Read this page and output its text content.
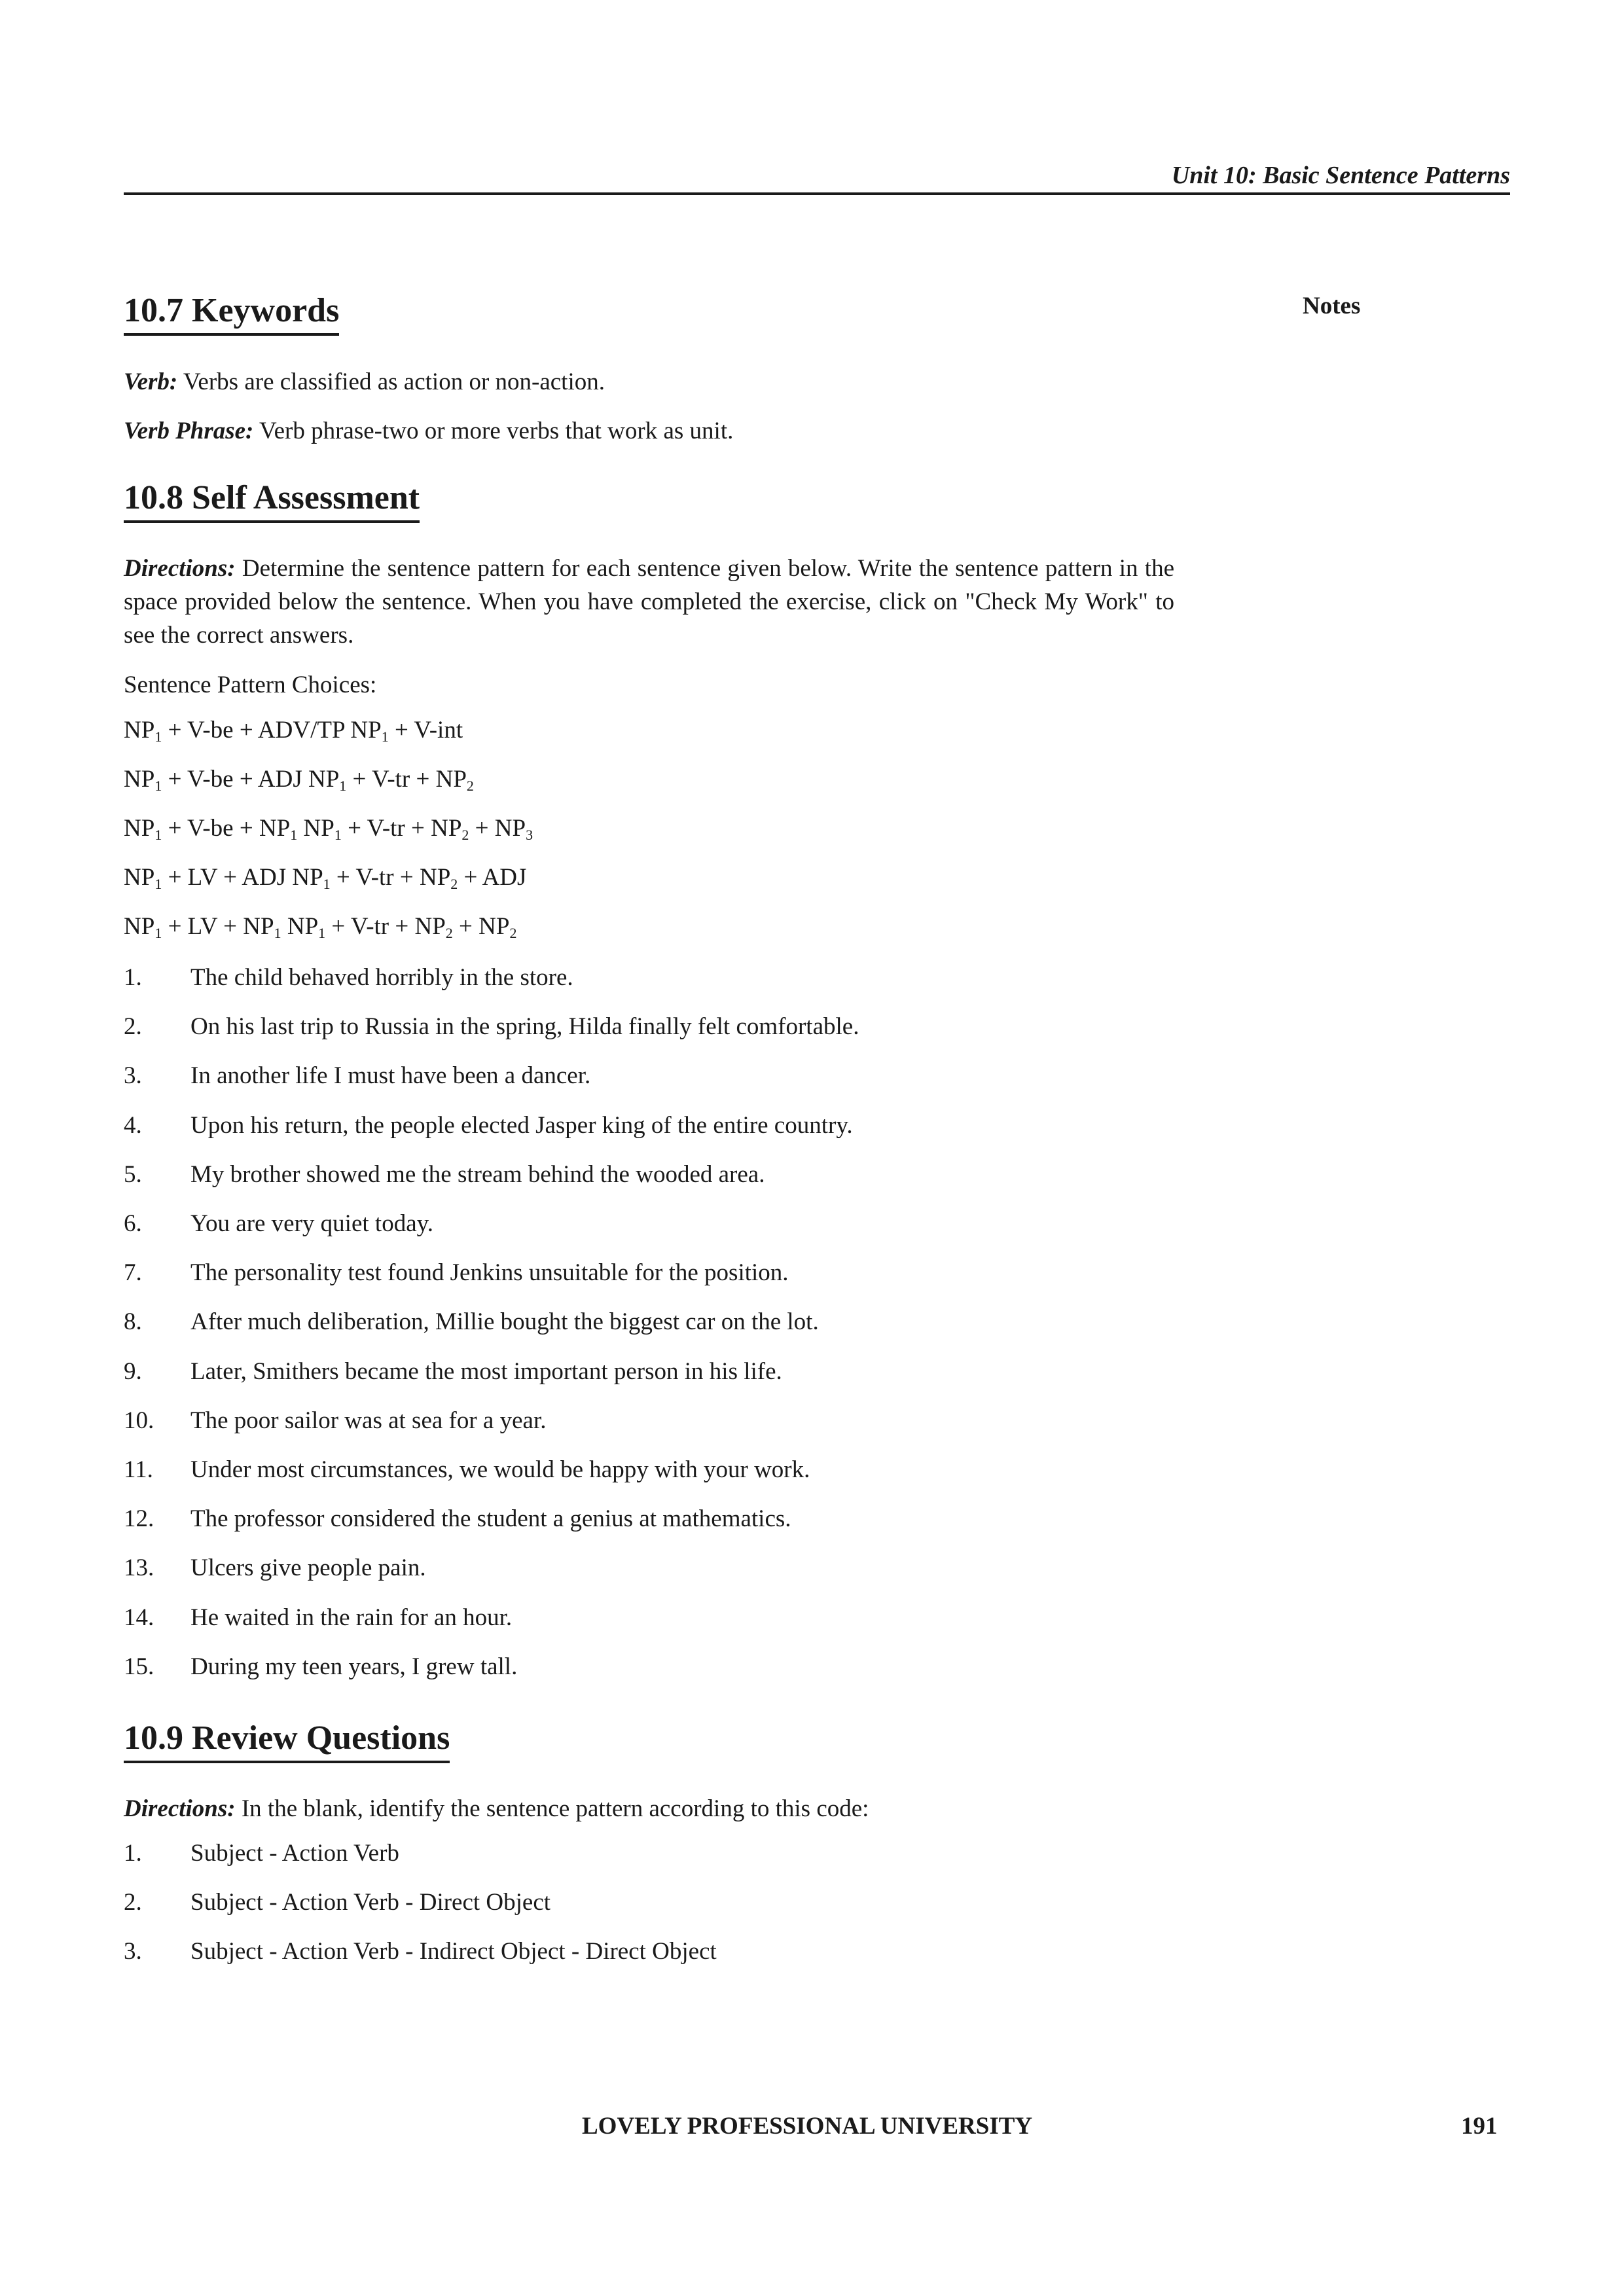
Unit 10: Basic Sentence Patterns
Notes
10.7 Keywords

Verb: Verbs are classified as action or non-action.

Verb Phrase: Verb phrase-two or more verbs that work as unit.

10.8 Self Assessment

Directions: Determine the sentence pattern for each sentence given below. Write the sentence pattern in the space provided below the sentence. When you have completed the exercise, click on "Check My Work" to see the correct answers.

Sentence Pattern Choices:

$NP_1 + V-be + ADV/TP$ $NP_1 + V-int$
$NP_1 + V-be$ + ADJ $NP_1 + V-tr + NP_2$
$NP_1 + V-be + NP_1$ $NP_1 + V-tr + NP_2 + NP_3$
$NP_1$ + LV + ADJ $NP_1 + V-tr + NP_2$ + ADJ
$NP_1$ + LV + $NP_1$ $NP_1 + V-tr + NP_2 + NP_2$
1. The child behaved horribly in the store.
2. On his last trip to Russia in the spring, Hilda finally felt comfortable.
3. In another life I must have been a dancer.
4. Upon his return, the people elected Jasper king of the entire country.
5. My brother showed me the stream behind the wooded area.
6. You are very quiet today.
7. The personality test found Jenkins unsuitable for the position.
8. After much deliberation, Millie bought the biggest car on the lot.
9. Later, Smithers became the most important person in his life.
10. The poor sailor was at sea for a year.
11. Under most circumstances, we would be happy with your work.
12. The professor considered the student a genius at mathematics.
13. Ulcers give people pain.
14. He waited in the rain for an hour.
15. During my teen years, I grew tall.
10.9 Review Questions

Directions: In the blank, identify the sentence pattern according to this code:

1. Subject - Action Verb
2. Subject - Action Verb - Direct Object
3. Subject - Action Verb - Indirect Object - Direct Object
LOVELY PROFESSIONAL UNIVERSITY	191
